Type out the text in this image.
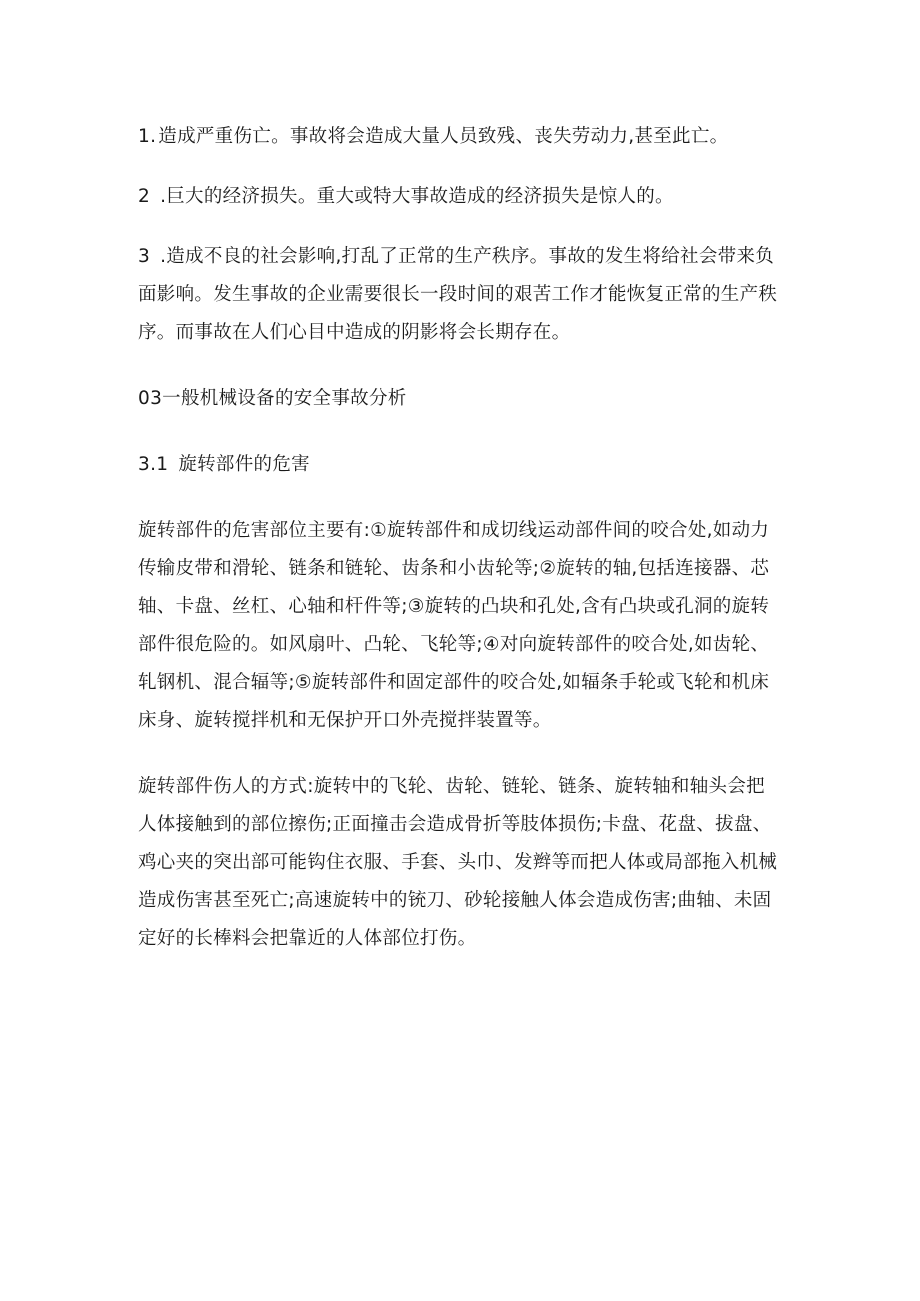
1. 造成严重伤亡。事故将会造成大量人员致残、丧失劳动力,甚至此亡。

2 .巨大的经济损失。重大或特大事故造成的经济损失是惊人的。

3 .造成不良的社会影响,打乱了正常的生产秩序。事故的发生将给社会带来负面影响。发生事故的企业需要很长一段时间的艰苦工作才能恢复正常的生产秩序。而事故在人们心目中造成的阴影将会长期存在。

03一般机械设备的安全事故分析

3.1 旋转部件的危害

旋转部件的危害部位主要有:①旋转部件和成切线运动部件间的咬合处,如动力传输皮带和滑轮、链条和链轮、齿条和小齿轮等;②旋转的轴,包括连接器、芯轴、卡盘、丝杠、心轴和杆件等;③旋转的凸块和孔处,含有凸块或孔洞的旋转部件很危险的。如风扇叶、凸轮、飞轮等;④对向旋转部件的咬合处,如齿轮、轧钢机、混合辐等;⑤旋转部件和固定部件的咬合处,如辐条手轮或飞轮和机床床身、旋转搅拌机和无保护开口外壳搅拌装置等。

旋转部件伤人的方式:旋转中的飞轮、齿轮、链轮、链条、旋转轴和轴头会把人体接触到的部位擦伤;正面撞击会造成骨折等肢体损伤;卡盘、花盘、拔盘、鸡心夹的突出部可能钩住衣服、手套、头巾、发辫等而把人体或局部拖入机械造成伤害甚至死亡;高速旋转中的铳刀、砂轮接触人体会造成伤害;曲轴、未固定好的长棒料会把靠近的人体部位打伤。
